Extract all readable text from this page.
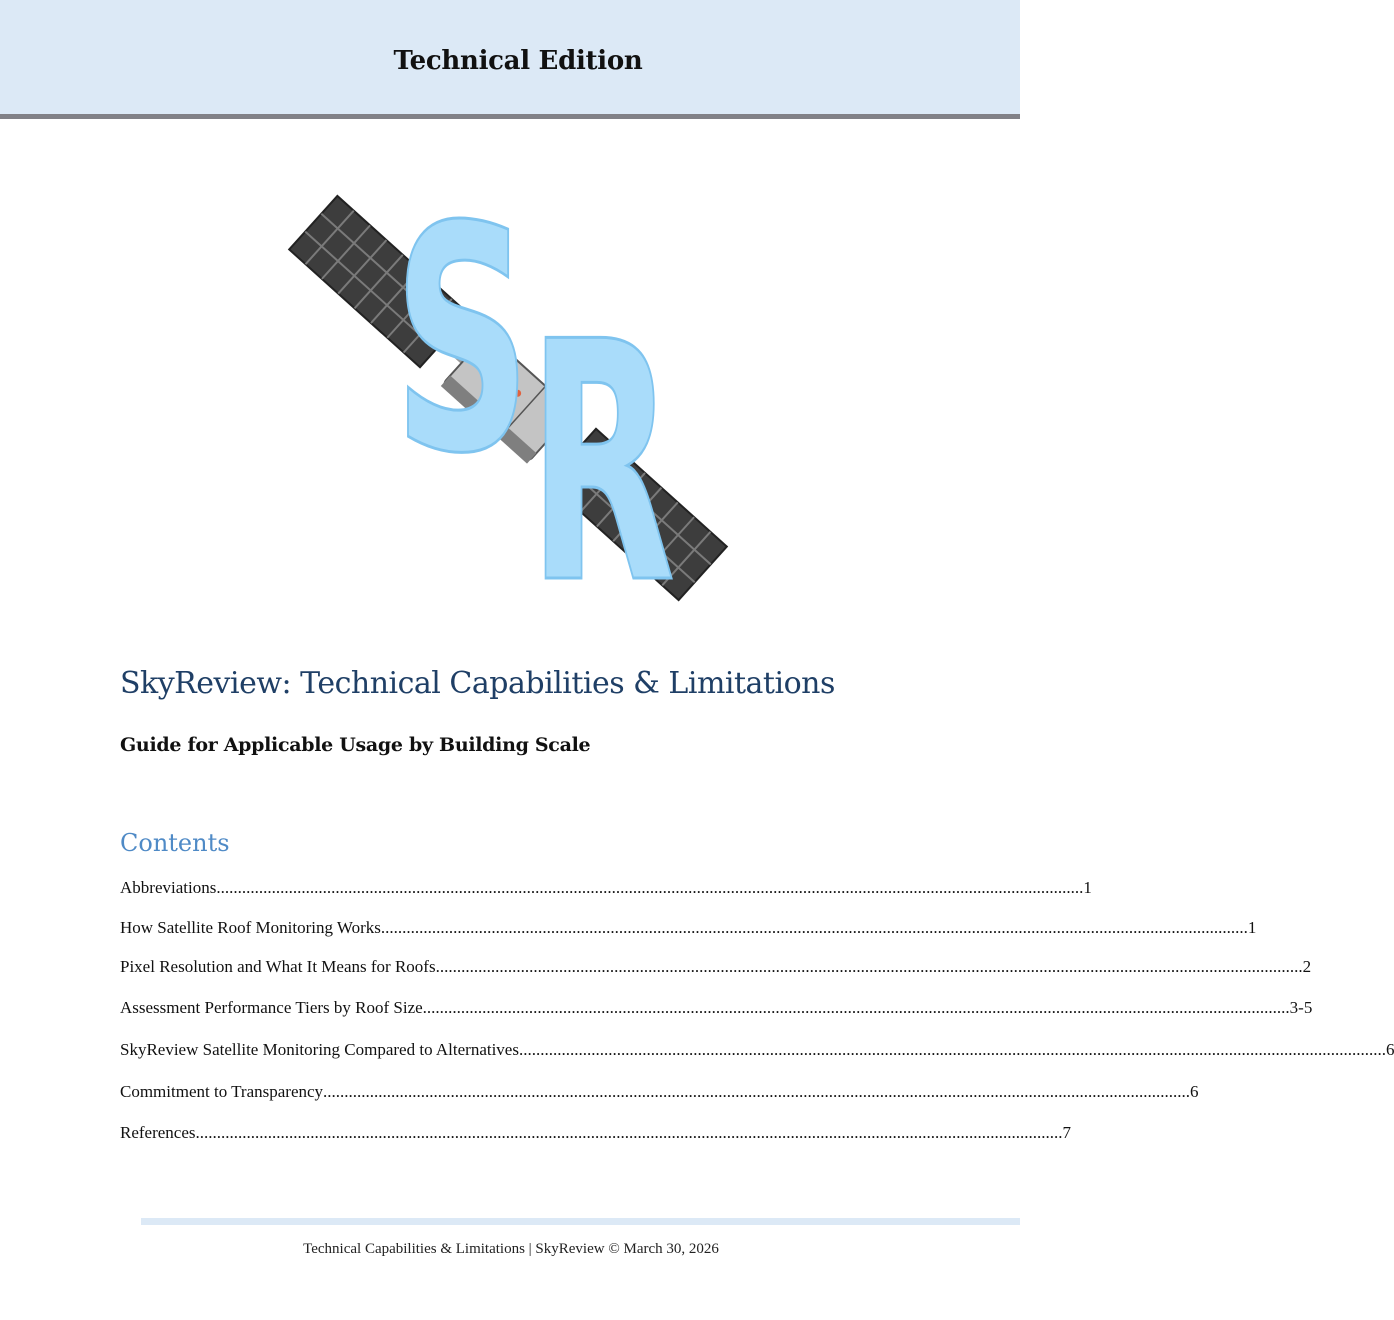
Technical Edition
S
R
SkyReview: Technical Capabilities & Limitations
Guide for Applicable Usage by Building Scale
Contents
Abbreviations ............................................................................................................................................................................................................ 1
How Satellite Roof Monitoring Works ............................................................................................................................................................................................................ 1
Pixel Resolution and What It Means for Roofs ............................................................................................................................................................................................................ 2
Assessment Performance Tiers by Roof Size ............................................................................................................................................................................................................ 3-5
SkyReview Satellite Monitoring Compared to Alternatives ............................................................................................................................................................................................................ 6
Commitment to Transparency ............................................................................................................................................................................................................ 6
References ............................................................................................................................................................................................................ 7
Technical Capabilities & Limitations | SkyReview © March 30, 2026
